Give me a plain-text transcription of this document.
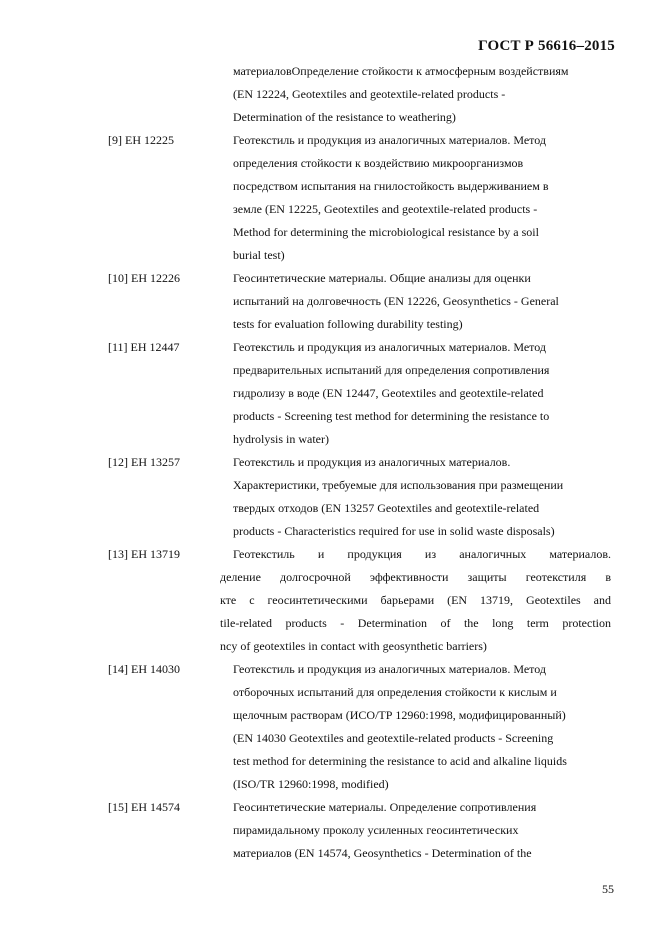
ГОСТ Р 56616–2015
материаловОпределение стойкости к атмосферным воздействиям
(EN 12224, Geotextiles and geotextile-related products -
Determination of the resistance to weathering)
[9] ЕН 12225	Геотекстиль и продукция из аналогичных материалов. Метод
определения стойкости к воздействию микроорганизмов
посредством испытания на гнилостойкость выдерживанием в
земле (EN 12225, Geotextiles and geotextile-related products -
Method for determining the microbiological resistance by a soil
burial test)
[10] ЕН 12226	Геосинтетические материалы. Общие анализы для оценки
испытаний на долговечность (EN 12226, Geosynthetics - General
tests for evaluation following durability testing)
[11] ЕН 12447	Геотекстиль и продукция из аналогичных материалов. Метод
предварительных испытаний для определения сопротивления
гидролизу в воде (EN 12447, Geotextiles and geotextile-related
products - Screening test method for determining the resistance to
hydrolysis in water)
[12] ЕН 13257	Геотекстиль и продукция из аналогичных материалов.
Характеристики, требуемые для использования при размещении
твердых отходов (EN 13257 Geotextiles and geotextile-related
products - Characteristics required for use in solid waste disposals)
[13] ЕН 13719	Геотекстиль и продукция из аналогичных материалов.
деление долгосрочной эффективности защиты геотекстиля в
кте с геосинтетическими барьерами (EN 13719, Geotextiles and
tile-related products - Determination of the long term protection
ncy of geotextiles in contact with geosynthetic barriers)
[14] ЕН 14030	Геотекстиль и продукция из аналогичных материалов. Метод
отборочных испытаний для определения стойкости к кислым и
щелочным растворам (ИСО/ТР 12960:1998, модифицированный)
(EN 14030 Geotextiles and geotextile-related products - Screening
test method for determining the resistance to acid and alkaline liquids
(ISO/TR 12960:1998, modified)
[15] ЕН 14574	Геосинтетические материалы. Определение сопротивления
пирамидальному проколу усиленных геосинтетических
материалов (EN 14574, Geosynthetics - Determination of the
55
